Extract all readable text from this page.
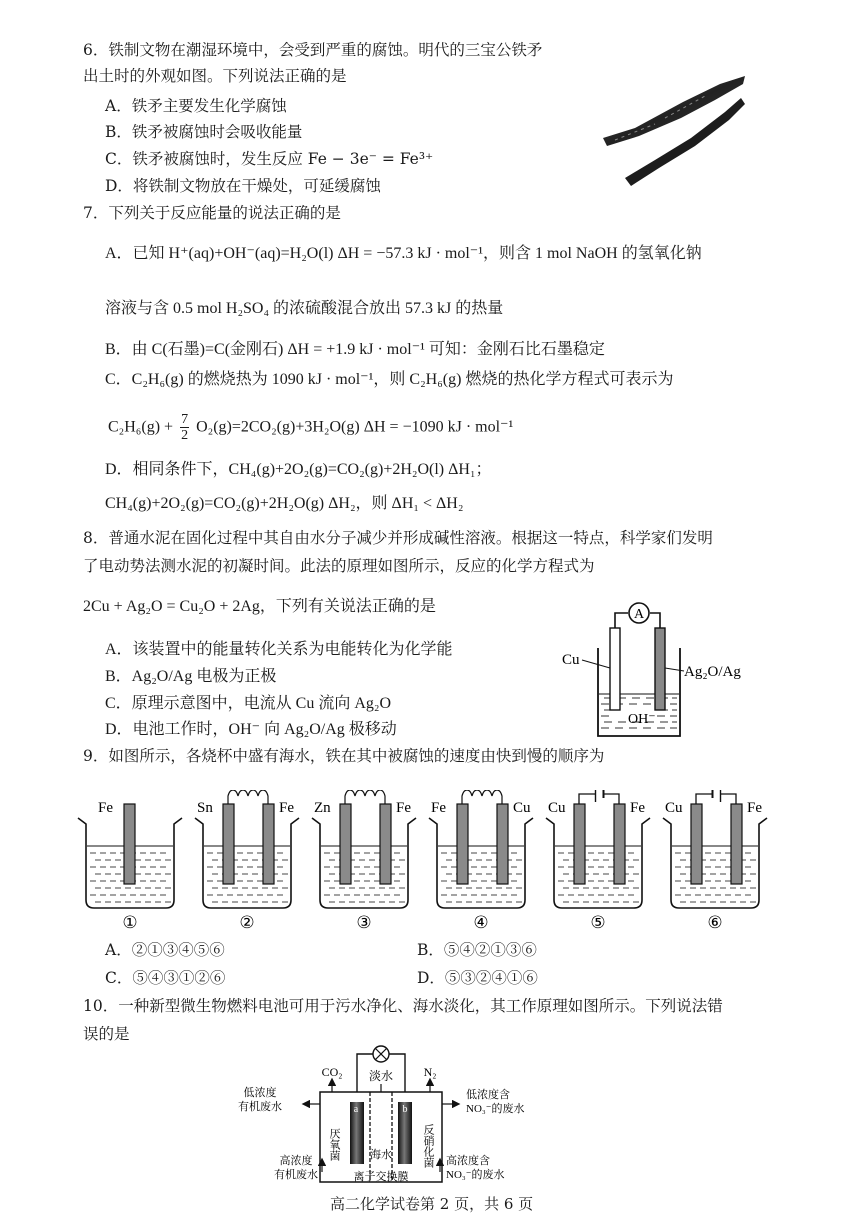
6．铁制文物在潮湿环境中，会受到严重的腐蚀。明代的三宝公铁矛
出土时的外观如图。下列说法正确的是
A．铁矛主要发生化学腐蚀
B．铁矛被腐蚀时会吸收能量
C．铁矛被腐蚀时，发生反应 Fe − 3e⁻ = Fe³⁺
D．将铁制文物放在干燥处，可延缓腐蚀
7．下列关于反应能量的说法正确的是
A．已知 H⁺(aq)+OH⁻(aq)=H₂O(l) ΔH = −57.3 kJ · mol⁻¹，则含 1 mol NaOH 的氢氧化钠
溶液与含 0.5 mol H₂SO₄ 的浓硫酸混合放出 57.3 kJ 的热量
B．由 C(石墨)=C(金刚石) ΔH = +1.9 kJ · mol⁻¹ 可知：金刚石比石墨稳定
C．C₂H₆(g) 的燃烧热为 1090 kJ · mol⁻¹，则 C₂H₆(g) 燃烧的热化学方程式可表示为
$C_2H_6(g) + \frac{7}{2} O_2(g)=2CO_2(g)+3H_2O(g) \Delta H = -1090$ kJ · mol⁻¹
D．相同条件下，CH₄(g)+2O₂(g)=CO₂(g)+2H₂O(l) ΔH₁；
CH₄(g)+2O₂(g)=CO₂(g)+2H₂O(g) ΔH₂，则 ΔH₁ < ΔH₂
8．普通水泥在固化过程中其自由水分子减少并形成碱性溶液。根据这一特点，科学家们发明
了电动势法测水泥的初凝时间。此法的原理如图所示，反应的化学方程式为
2Cu + Ag₂O = Cu₂O + 2Ag，下列有关说法正确的是
A．该装置中的能量转化关系为电能转化为化学能
B．Ag₂O/Ag 电极为正极
C．原理示意图中，电流从 Cu 流向 Ag₂O
D．电池工作时，OH⁻ 向 Ag₂O/Ag 极移动
A
OH⁻
Cu
Ag₂O/Ag
9．如图所示，各烧杯中盛有海水，铁在其中被腐蚀的速度由快到慢的顺序为
Fe
①
Sn	Fe
②
Zn	Fe
③
Fe	Cu
④
Cu	Fe
⑤
Cu	Fe
⑥
A．②①③④⑤⑥	B．⑤④②①③⑥
C．⑤④③①②⑥	D．⑤③②④①⑥
10．一种新型微生物燃料电池可用于污水净化、海水淡化，其工作原理如图所示。下列说法错
误的是
a	b
CO₂ 淡水	N₂
低浓度
有机废水
高浓度
有机废水
厌氧菌	反硝化菌
海水
离子交换膜
低浓度含
NO₃⁻的废水
高浓度含
NO₃⁻的废水
高二化学试卷第 2 页，共 6 页
